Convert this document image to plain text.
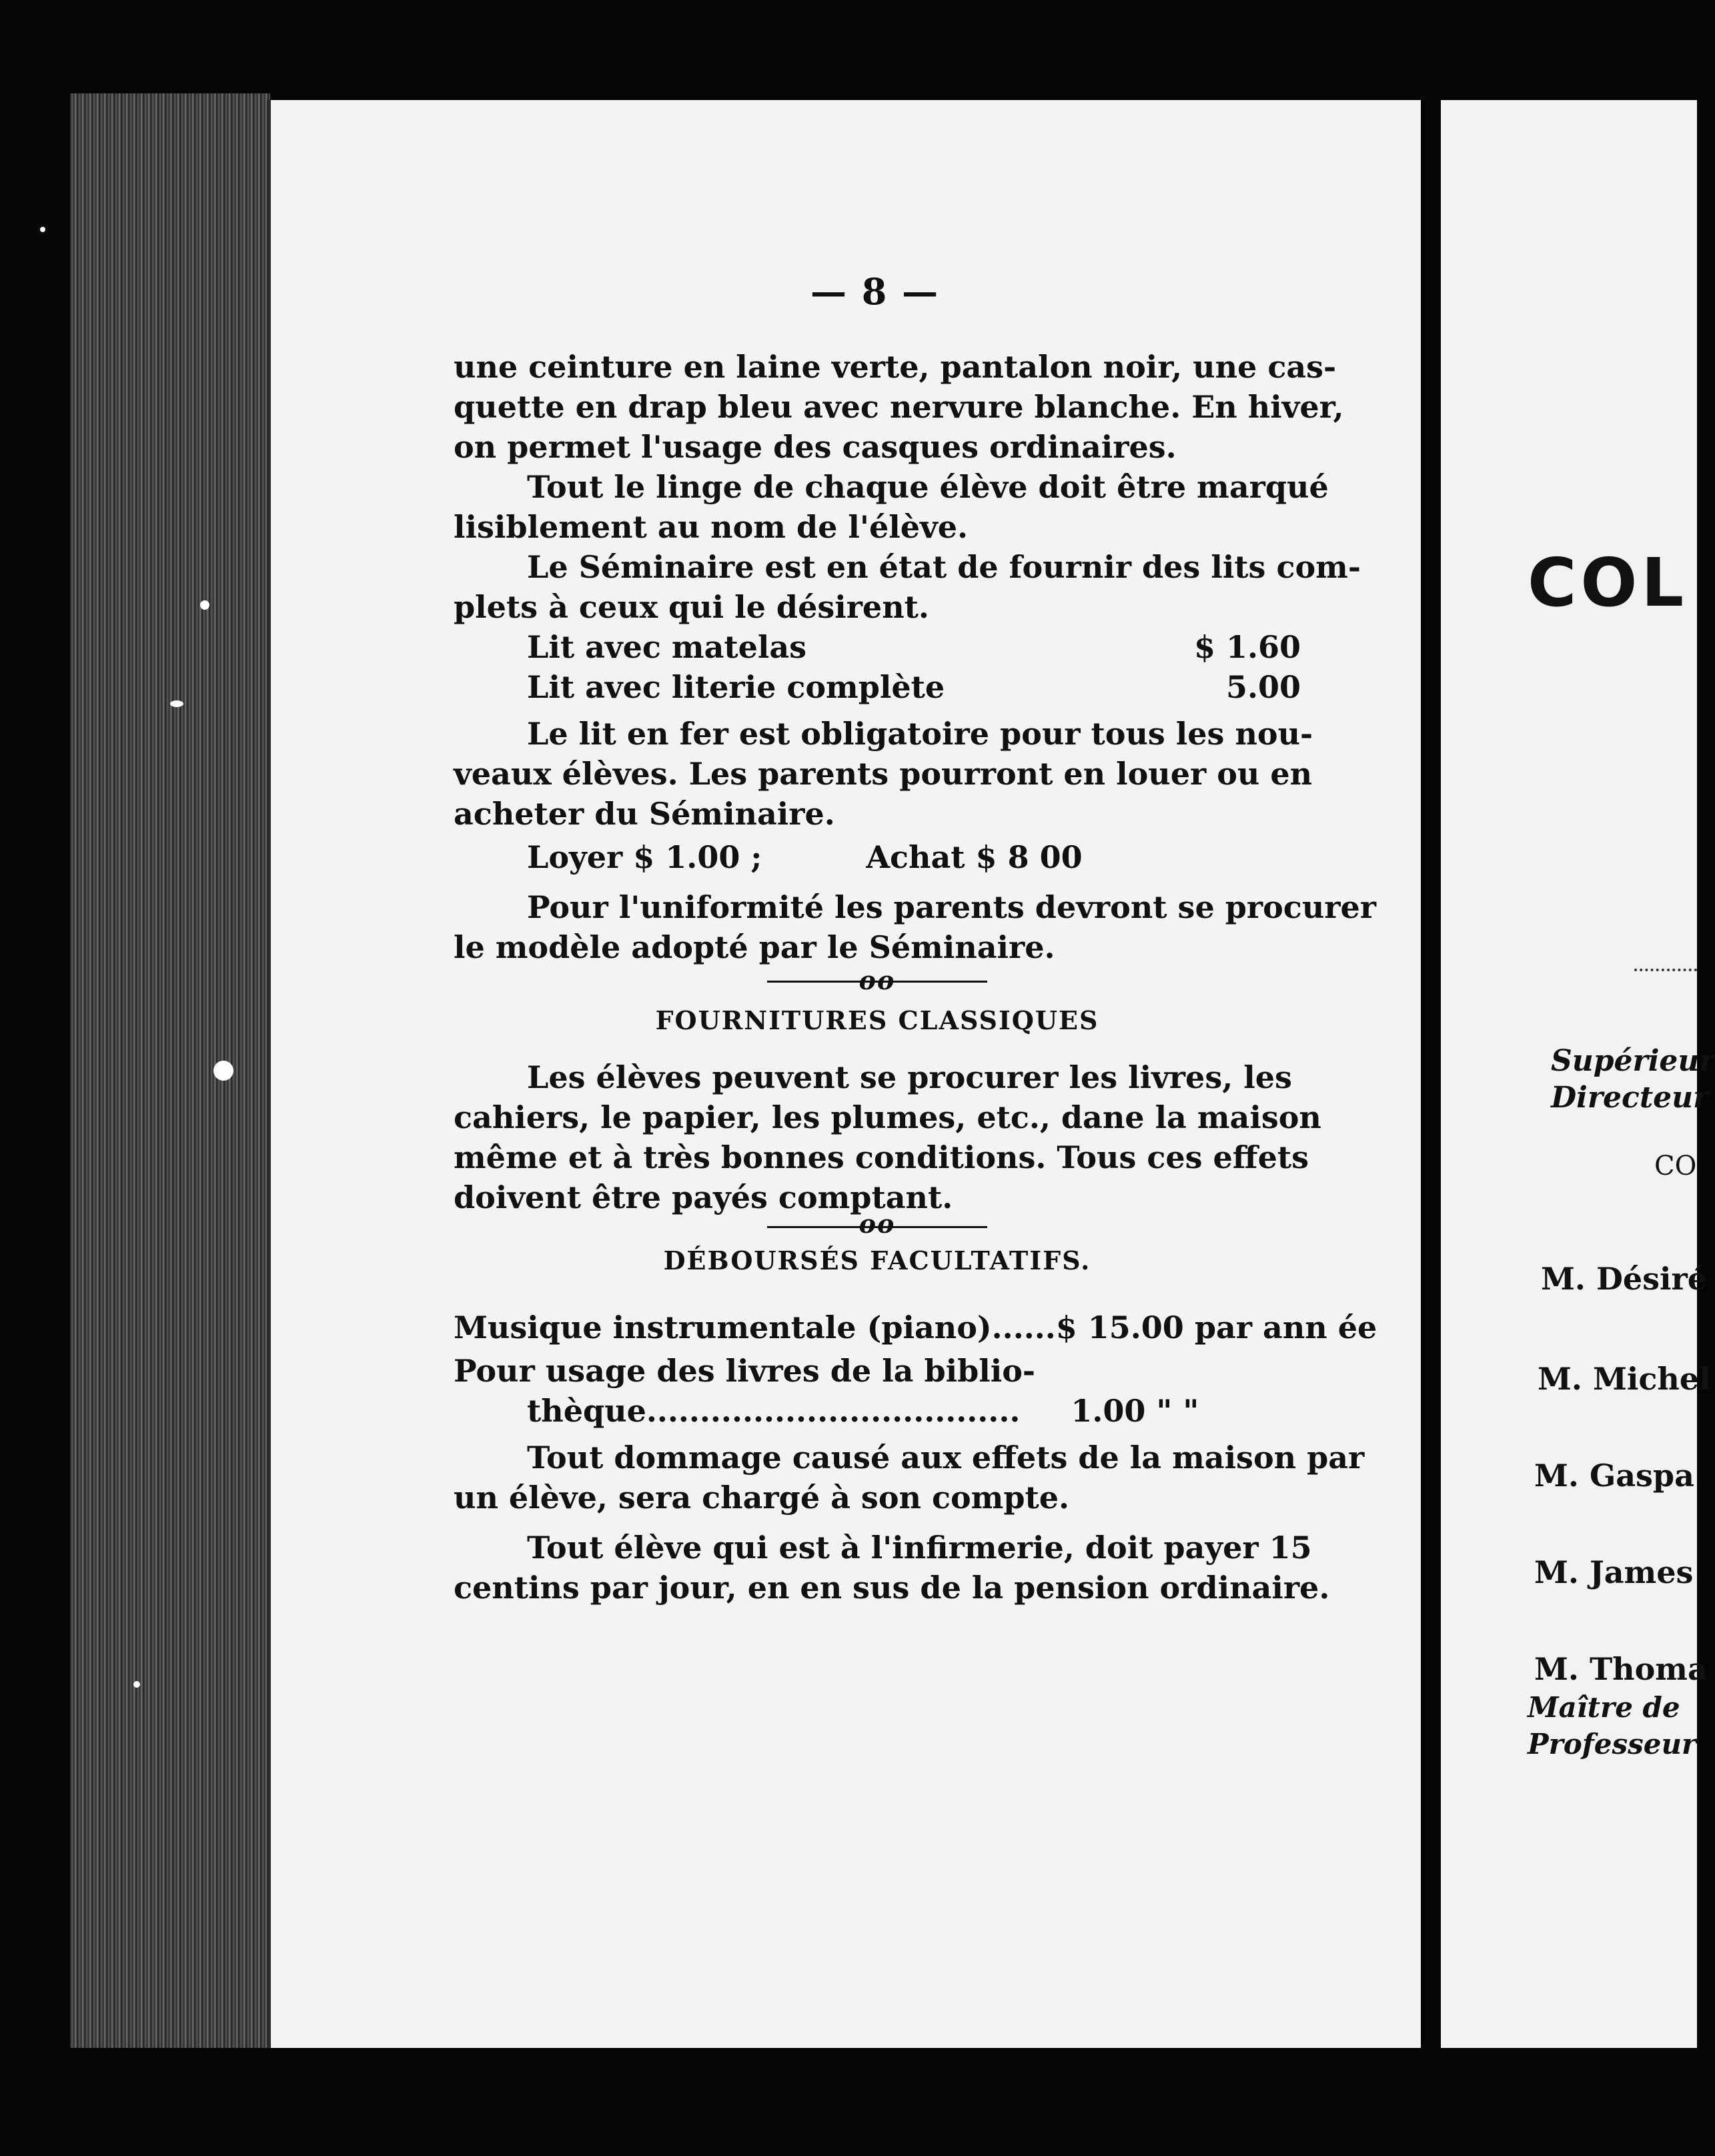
— 8 —
une ceinture en laine verte, pantalon noir, une cas-
quette en drap bleu avec nervure blanche. En hiver,
on permet l'usage des casques ordinaires.
Tout le linge de chaque élève doit être marqué
lisiblement au nom de l'élève.
Le Séminaire est en état de fournir des lits com-
plets à ceux qui le désirent.
Lit avec matelas	$ 1.60
Lit avec literie complète	5.00
Le lit en fer est obligatoire pour tous les nou-
veaux élèves. Les parents pourront en louer ou en
acheter du Séminaire.
Loyer $ 1.00 ;	Achat $ 8 00
Pour l'uniformité les parents devront se procurer
le modèle adopté par le Séminaire.
oo
FOURNITURES CLASSIQUES
Les élèves peuvent se procurer les livres, les
cahiers, le papier, les plumes, etc., dane la maison
même et à très bonnes conditions. Tous ces effets
doivent être payés comptant.
oo
DÉBOURSÉS FACULTATIFS.
Musique instrumentale (piano)......$ 15.00 par ann ée
Pour usage des livres de la biblio-
thèque................................... 1.00 " "
Tout dommage causé aux effets de la maison par
un élève, sera chargé à son compte.
Tout élève qui est à l'infirmerie, doit payer 15
centins par jour, en en sus de la pension ordinaire.
COL
Supérieur
Directeur
CO
M. Désiré
M. Michel
M. Gaspa
M. James
M. Thoma
Maître de
Professeur
